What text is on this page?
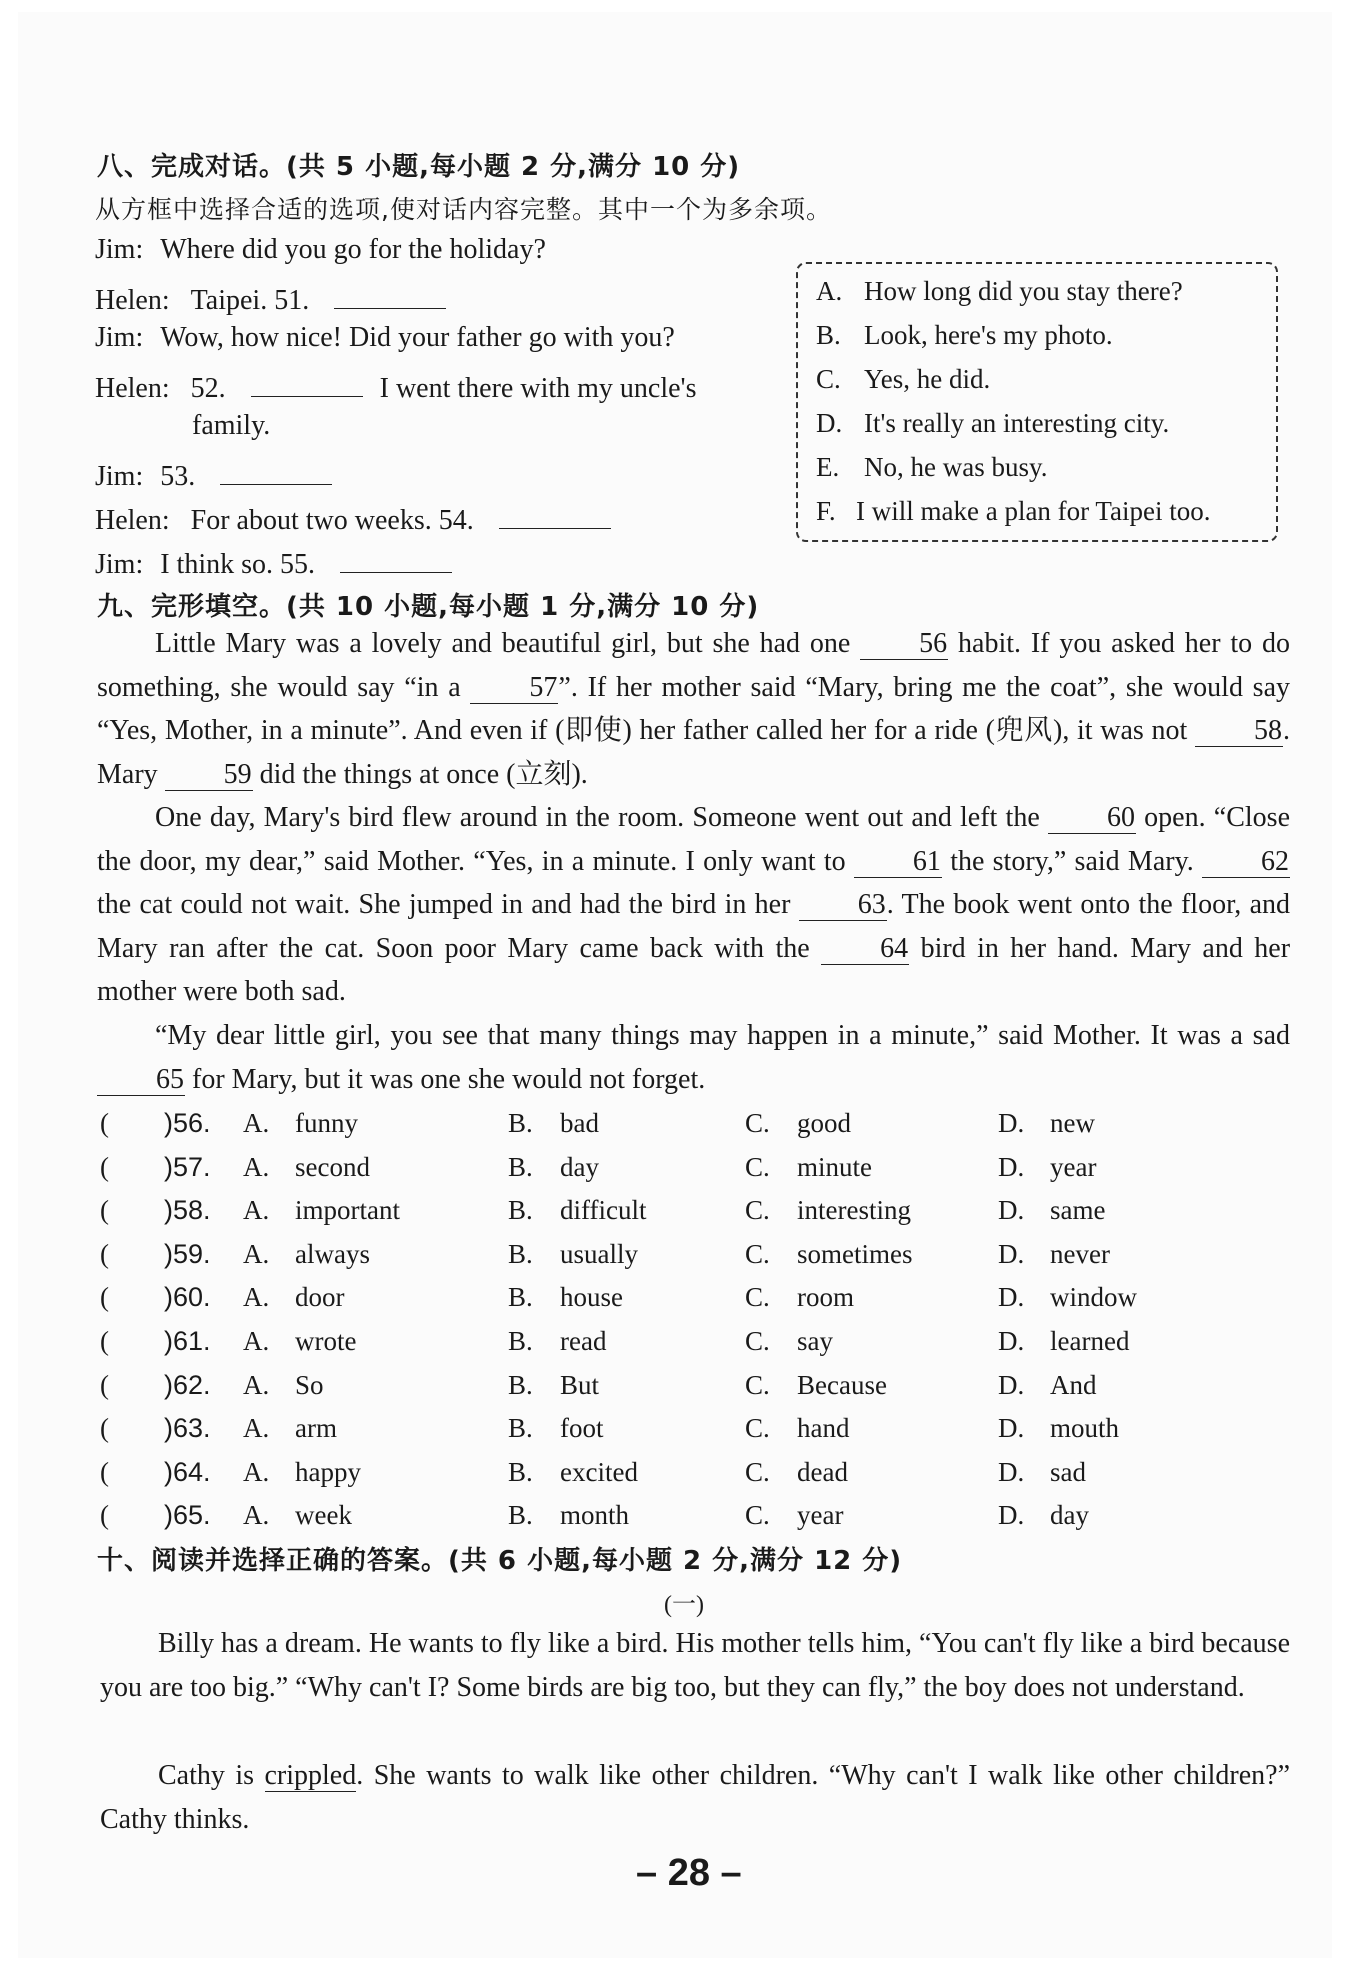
八、完成对话。(共 5 小题,每小题 2 分,满分 10 分)
从方框中选择合适的选项,使对话内容完整。其中一个为多余项。
Jim: Where did you go for the holiday?
Helen: Taipei. 51.
Jim: Wow, how nice! Did your father go with you?
Helen: 52.	I went there with my uncle's
family.
Jim: 53.
Helen: For about two weeks. 54.
Jim: I think so. 55.
A. How long did you stay there?
B. Look, here's my photo.
C. Yes, he did.
D. It's really an interesting city.
E. No, he was busy.
F. I will make a plan for Taipei too.
九、完形填空。(共 10 小题,每小题 1 分,满分 10 分)
Little Mary was a lovely and beautiful girl, but she had one 56 habit. If you asked her to do something, she would say “in a 57”. If her mother said “Mary, bring me the coat”, she would say “Yes, Mother, in a minute”. And even if (即使) her father called her for a ride (兜风), it was not 58. Mary 59 did the things at once (立刻).
One day, Mary's bird flew around in the room. Someone went out and left the 60 open. “Close the door, my dear,” said Mother. “Yes, in a minute. I only want to 61 the story,” said Mary. 62 the cat could not wait. She jumped in and had the bird in her 63. The book went onto the floor, and Mary ran after the cat. Soon poor Mary came back with the	64 bird in her hand. Mary and her mother were both sad.
“My dear little girl, you see that many things may happen in a minute,” said Mother. It was a sad 65 for Mary, but it was one she would not forget.
( )56. A. funny	B. bad	C. good	D. new
( )57. A. second	B. day	C. minute	D. year
( )58. A. important	B. difficult	C. interesting	D. same
( )59. A. always	B. usually	C. sometimes	D. never
( )60. A. door	B. house	C. room	D. window
( )61. A. wrote	B. read	C. say	D. learned
( )62. A. So	B. But	C. Because	D. And
( )63. A. arm	B. foot	C. hand	D. mouth
( )64. A. happy	B. excited	C. dead	D. sad
( )65. A. week	B. month	C. year	D. day
十、阅读并选择正确的答案。(共 6 小题,每小题 2 分,满分 12 分)
(一)
Billy has a dream. He wants to fly like a bird. His mother tells him, “You can't fly like a bird because you are too big.” “Why can't I? Some birds are big too, but they can fly,” the boy does not understand.
Cathy is crippled. She wants to walk like other children. “Why can't I walk like other children?” Cathy thinks.
– 28 –
